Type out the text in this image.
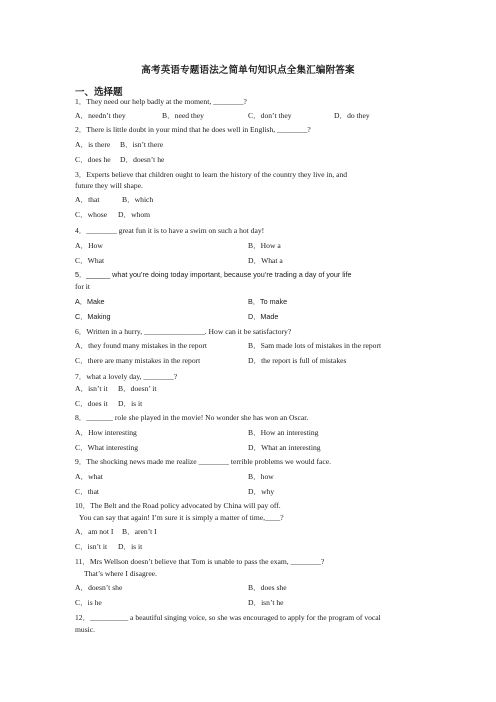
高考英语专题语法之简单句知识点全集汇编附答案
一、选择题
1．They need our help badly at the moment, ________?
A．needn’t they	B．need they	C．don’t they	D．do they
2．There is little doubt in your mind that he does well in English, ________?
A．is there B．isn’t there
C．does he D．doesn’t he
3．Experts believe that children ought to learn the history of the country they live in, and
future they will shape.
A．that	B．which
C．whose D．whom
4．________ great fun it is to have a swim on such a hot day!
A．How	B．How a
C．What	D．What a
5．______ what you’re doing today important, because you’re trading a day of your life
for it
A．Make	B．To make
C．Making	D．Made
6．Written in a hurry, ________________. How can it be satisfactory?
A．they found many mistakes in the report	B．Sam made lots of mistakes in the report
C．there are many mistakes in the report	D．the report is full of mistakes
7．what a lovely day, ________?
A．isn’t it B．doesn’ it
C．does it D．is it
8．_______ role she played in the movie! No wonder she has won an Oscar.
A．How interesting	B．How an interesting
C．What interesting	D．What an interesting
9．The shocking news made me realize ________ terrible problems we would face.
A．what	B．how
C．that	D．why
10．The Belt and the Road policy advocated by China will pay off.
You can say that again! I’m sure it is simply a matter of time,____?
A．am not I B．aren’t I
C．isn’t it D．is it
11．Mrs Wellson doesn’t believe that Tom is unable to pass the exam, ________?
That’s where I disagree.
A．doesn’t she	B．does she
C．is he	D．isn’t he
12．__________ a beautiful singing voice, so she was encouraged to apply for the program of vocal
music.
